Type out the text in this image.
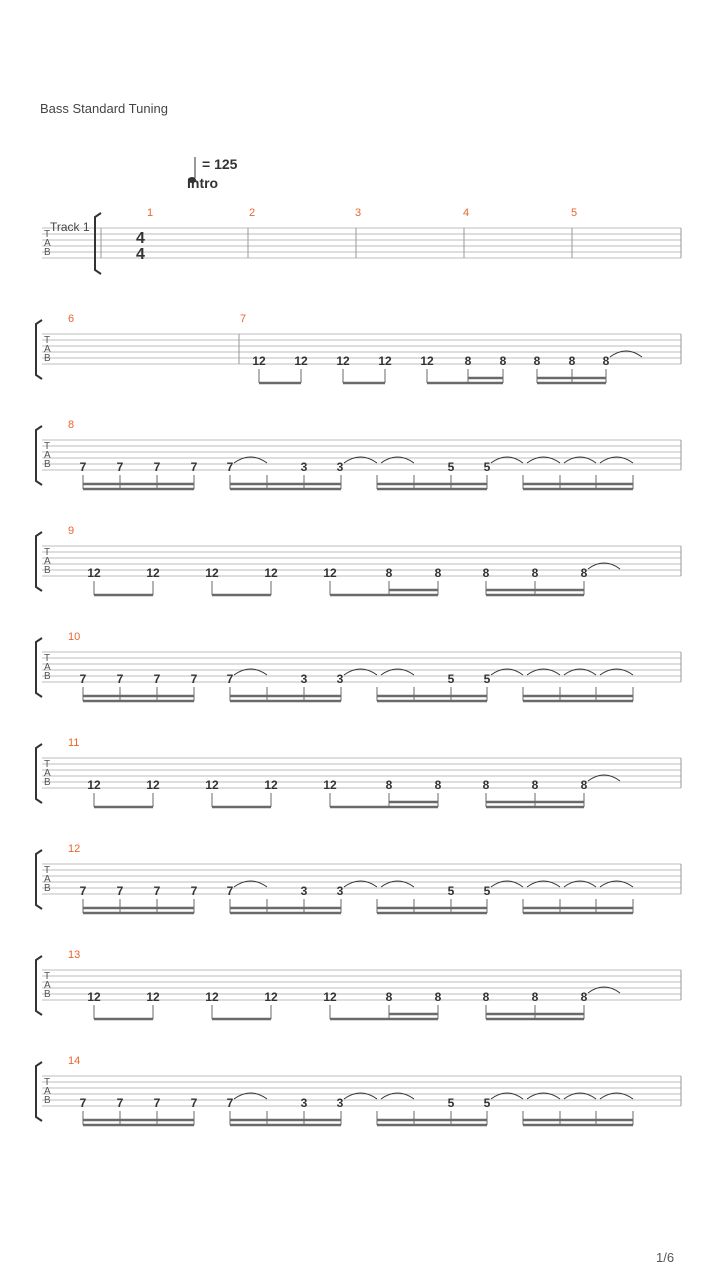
Bass Standard Tuning
= 125
Intro
T
A
B
Track 1
4
4
1	2	3	4	5
T
A
B
6	7
12 12 12 12 12	8 8 8 8 8
T
A
B
8
7	7	7	7 7	3 3	5 5
T
A
B
9
12	12	12	12	12	8	8	8	8	8
T
A
B
10
7	7	7	7 7	3 3	5 5
T
A
B
11
12	12	12	12	12	8	8	8	8	8
T
A
B
12
7	7	7	7 7	3 3	5 5
T
A
B
13
12	12	12	12	12	8	8	8	8	8
T
A
B
14
7	7	7	7 7	3 3	5 5
1/6
